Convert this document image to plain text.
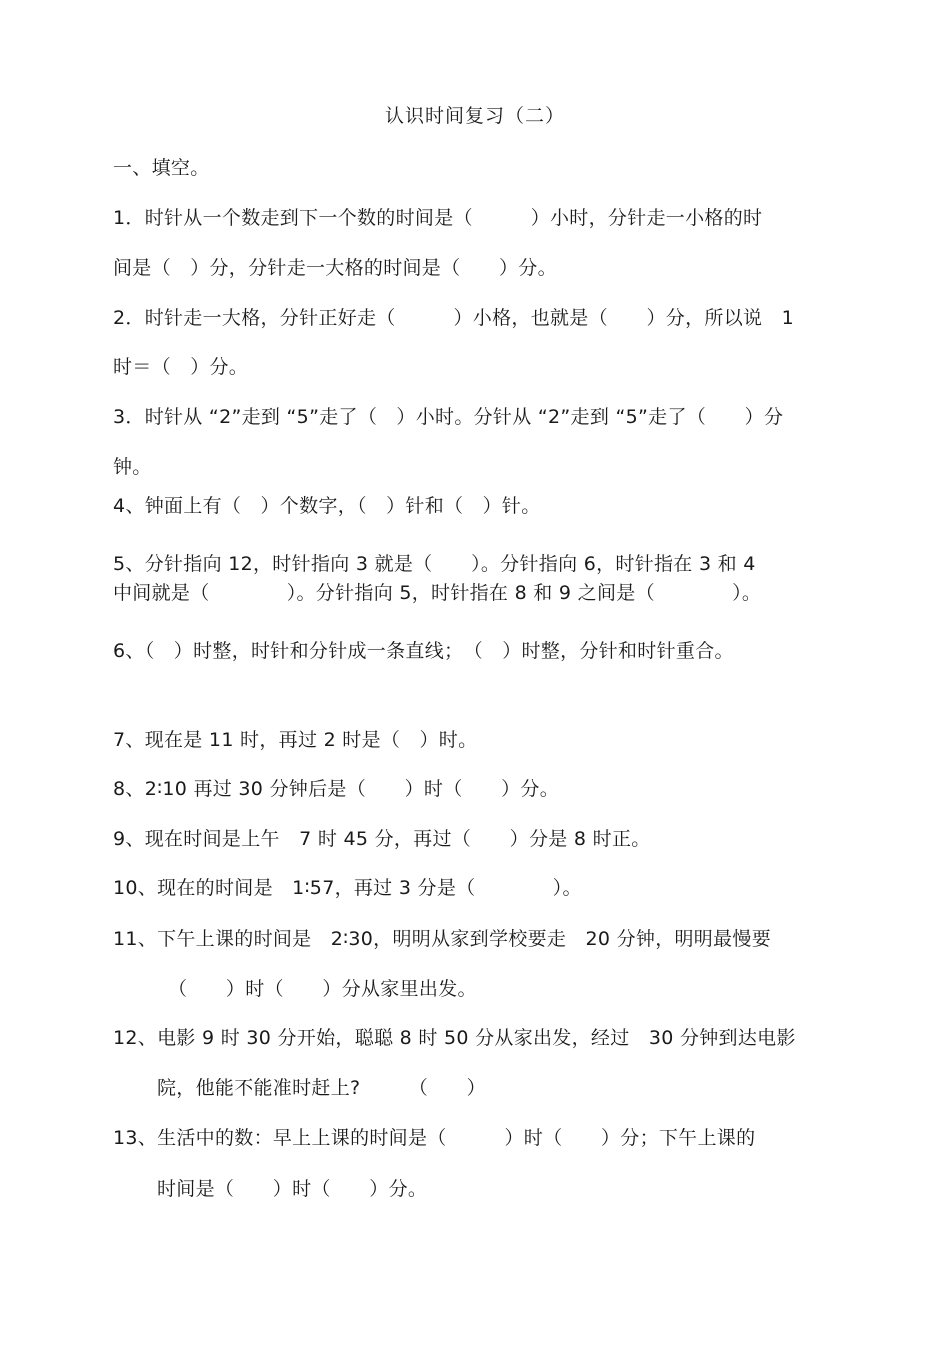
认识时间复习（二）
一、填空。
1．时针从一个数走到下一个数的时间是（　　　）小时，分针走一小格的时
间是（　）分，分针走一大格的时间是（　　）分。
2．时针走一大格，分针正好走（　　　）小格，也就是（　　）分，所以说　1
时＝（　）分。
3．时针从 “2”走到 “5”走了（　）小时。分针从 “2”走到 “5”走了（　　）分
钟。
4、钟面上有（　）个数字，（　）针和（　）针。
5、分针指向 12，时针指向 3 就是（　　）。分针指向 6，时针指在 3 和 4
中间就是（　　　　）。分针指向 5，时针指在 8 和 9 之间是（　　　　）。
6、（　）时整，时针和分针成一条直线；　（　）时整，分针和时针重合。
7、现在是 11 时，再过 2 时是（　）时。
8、2∶10 再过 30 分钟后是（　　）时（　　）分。
9、现在时间是上午　7 时 45 分，再过（　　）分是 8 时正。
10、现在的时间是　1∶57，再过 3 分是（　　　　）。
11、下午上课的时间是　2∶30，明明从家到学校要走　20 分钟，明明最慢要
（　　）时（　　）分从家里出发。
12、电影 9 时 30 分开始，聪聪 8 时 50 分从家出发，经过　30 分钟到达电影
院，他能不能准时赶上?　　　（　　）
13、生活中的数：早上上课的时间是（　　　）时（　　）分；下午上课的
时间是（　　）时（　　）分。
